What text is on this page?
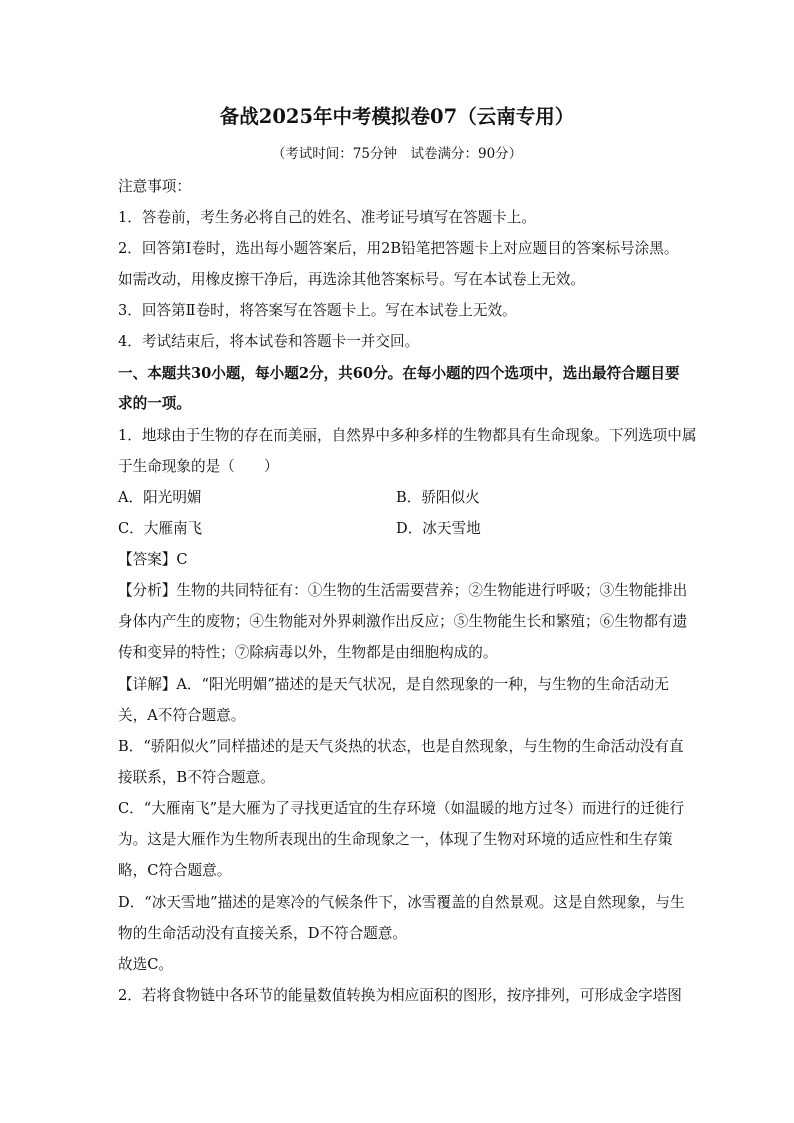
备战2025年中考模拟卷07（云南专用）
（考试时间：75分钟　试卷满分：90分）
注意事项：
1．答卷前，考生务必将自己的姓名、准考证号填写在答题卡上。
2．回答第Ⅰ卷时，选出每小题答案后，用2B铅笔把答题卡上对应题目的答案标号涂黑。
如需改动，用橡皮擦干净后，再选涂其他答案标号。写在本试卷上无效。
3．回答第Ⅱ卷时，将答案写在答题卡上。写在本试卷上无效。
4．考试结束后，将本试卷和答题卡一并交回。
一、本题共30小题，每小题2分，共60分。在每小题的四个选项中，选出最符合题目要
求的一项。
1．地球由于生物的存在而美丽，自然界中多种多样的生物都具有生命现象。下列选项中属
于生命现象的是（　　）
A．阳光明媚	B．骄阳似火
C．大雁南飞	D．冰天雪地
【答案】C
【分析】生物的共同特征有：①生物的生活需要营养；②生物能进行呼吸；③生物能排出
身体内产生的废物；④生物能对外界刺激作出反应；⑤生物能生长和繁殖；⑥生物都有遗
传和变异的特性；⑦除病毒以外，生物都是由细胞构成的。
【详解】A．“阳光明媚”描述的是天气状况，是自然现象的一种，与生物的生命活动无
关，A不符合题意。
B．“骄阳似火”同样描述的是天气炎热的状态，也是自然现象，与生物的生命活动没有直
接联系，B不符合题意。
C．“大雁南飞”是大雁为了寻找更适宜的生存环境（如温暖的地方过冬）而进行的迁徙行
为。这是大雁作为生物所表现出的生命现象之一，体现了生物对环境的适应性和生存策
略，C符合题意。
D．“冰天雪地”描述的是寒冷的气候条件下，冰雪覆盖的自然景观。这是自然现象，与生
物的生命活动没有直接关系，D不符合题意。
故选C。
2．若将食物链中各环节的能量数值转换为相应面积的图形，按序排列，可形成金字塔图
